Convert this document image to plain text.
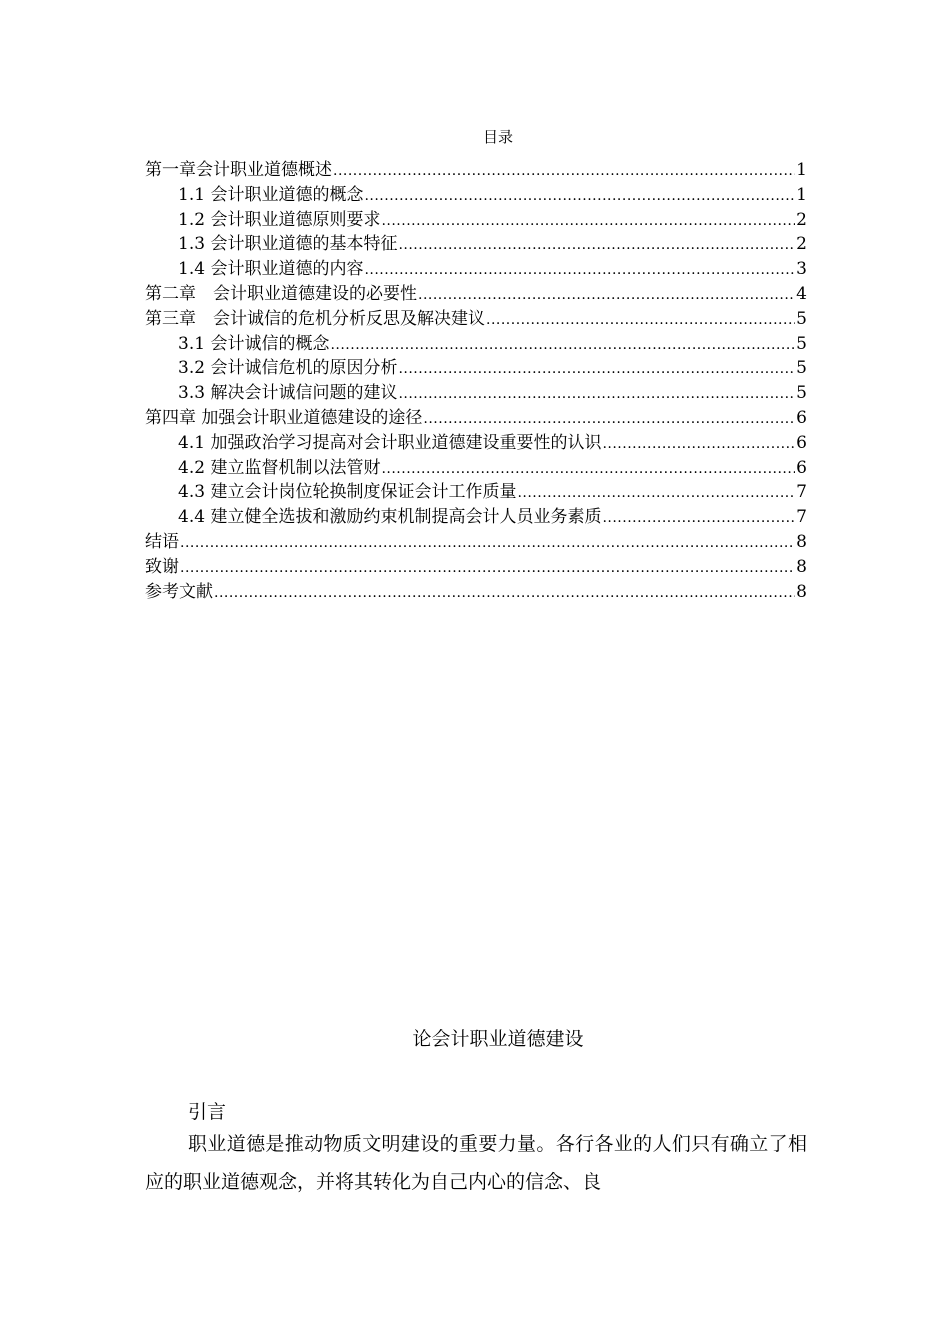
目录
第一章会计职业道德概述 .....	1
1.1 会计职业道德的概念 .....	1
1.2 会计职业道德原则要求 .....	2
1.3 会计职业道德的基本特征 .....	2
1.4 会计职业道德的内容 .....	3
第二章　会计职业道德建设的必要性 .....	4
第三章　会计诚信的危机分析反思及解决建议 .....	5
3.1 会计诚信的概念 .....	5
3.2 会计诚信危机的原因分析 .....	5
3.3 解决会计诚信问题的建议 .....	5
第四章 加强会计职业道德建设的途径 .....	6
4.1 加强政治学习提高对会计职业道德建设重要性的认识 .....	6
4.2 建立监督机制以法管财 .....	6
4.3 建立会计岗位轮换制度保证会计工作质量 .....	7
4.4 建立健全选拔和激励约束机制提高会计人员业务素质 .....	7
结语 .....	8
致谢 .....	8
参考文献 .....	8
论会计职业道德建设
引言

职业道德是推动物质文明建设的重要力量。各行各业的人们只有确立了相应的职业道德观念，并将其转化为自己内心的信念、良
